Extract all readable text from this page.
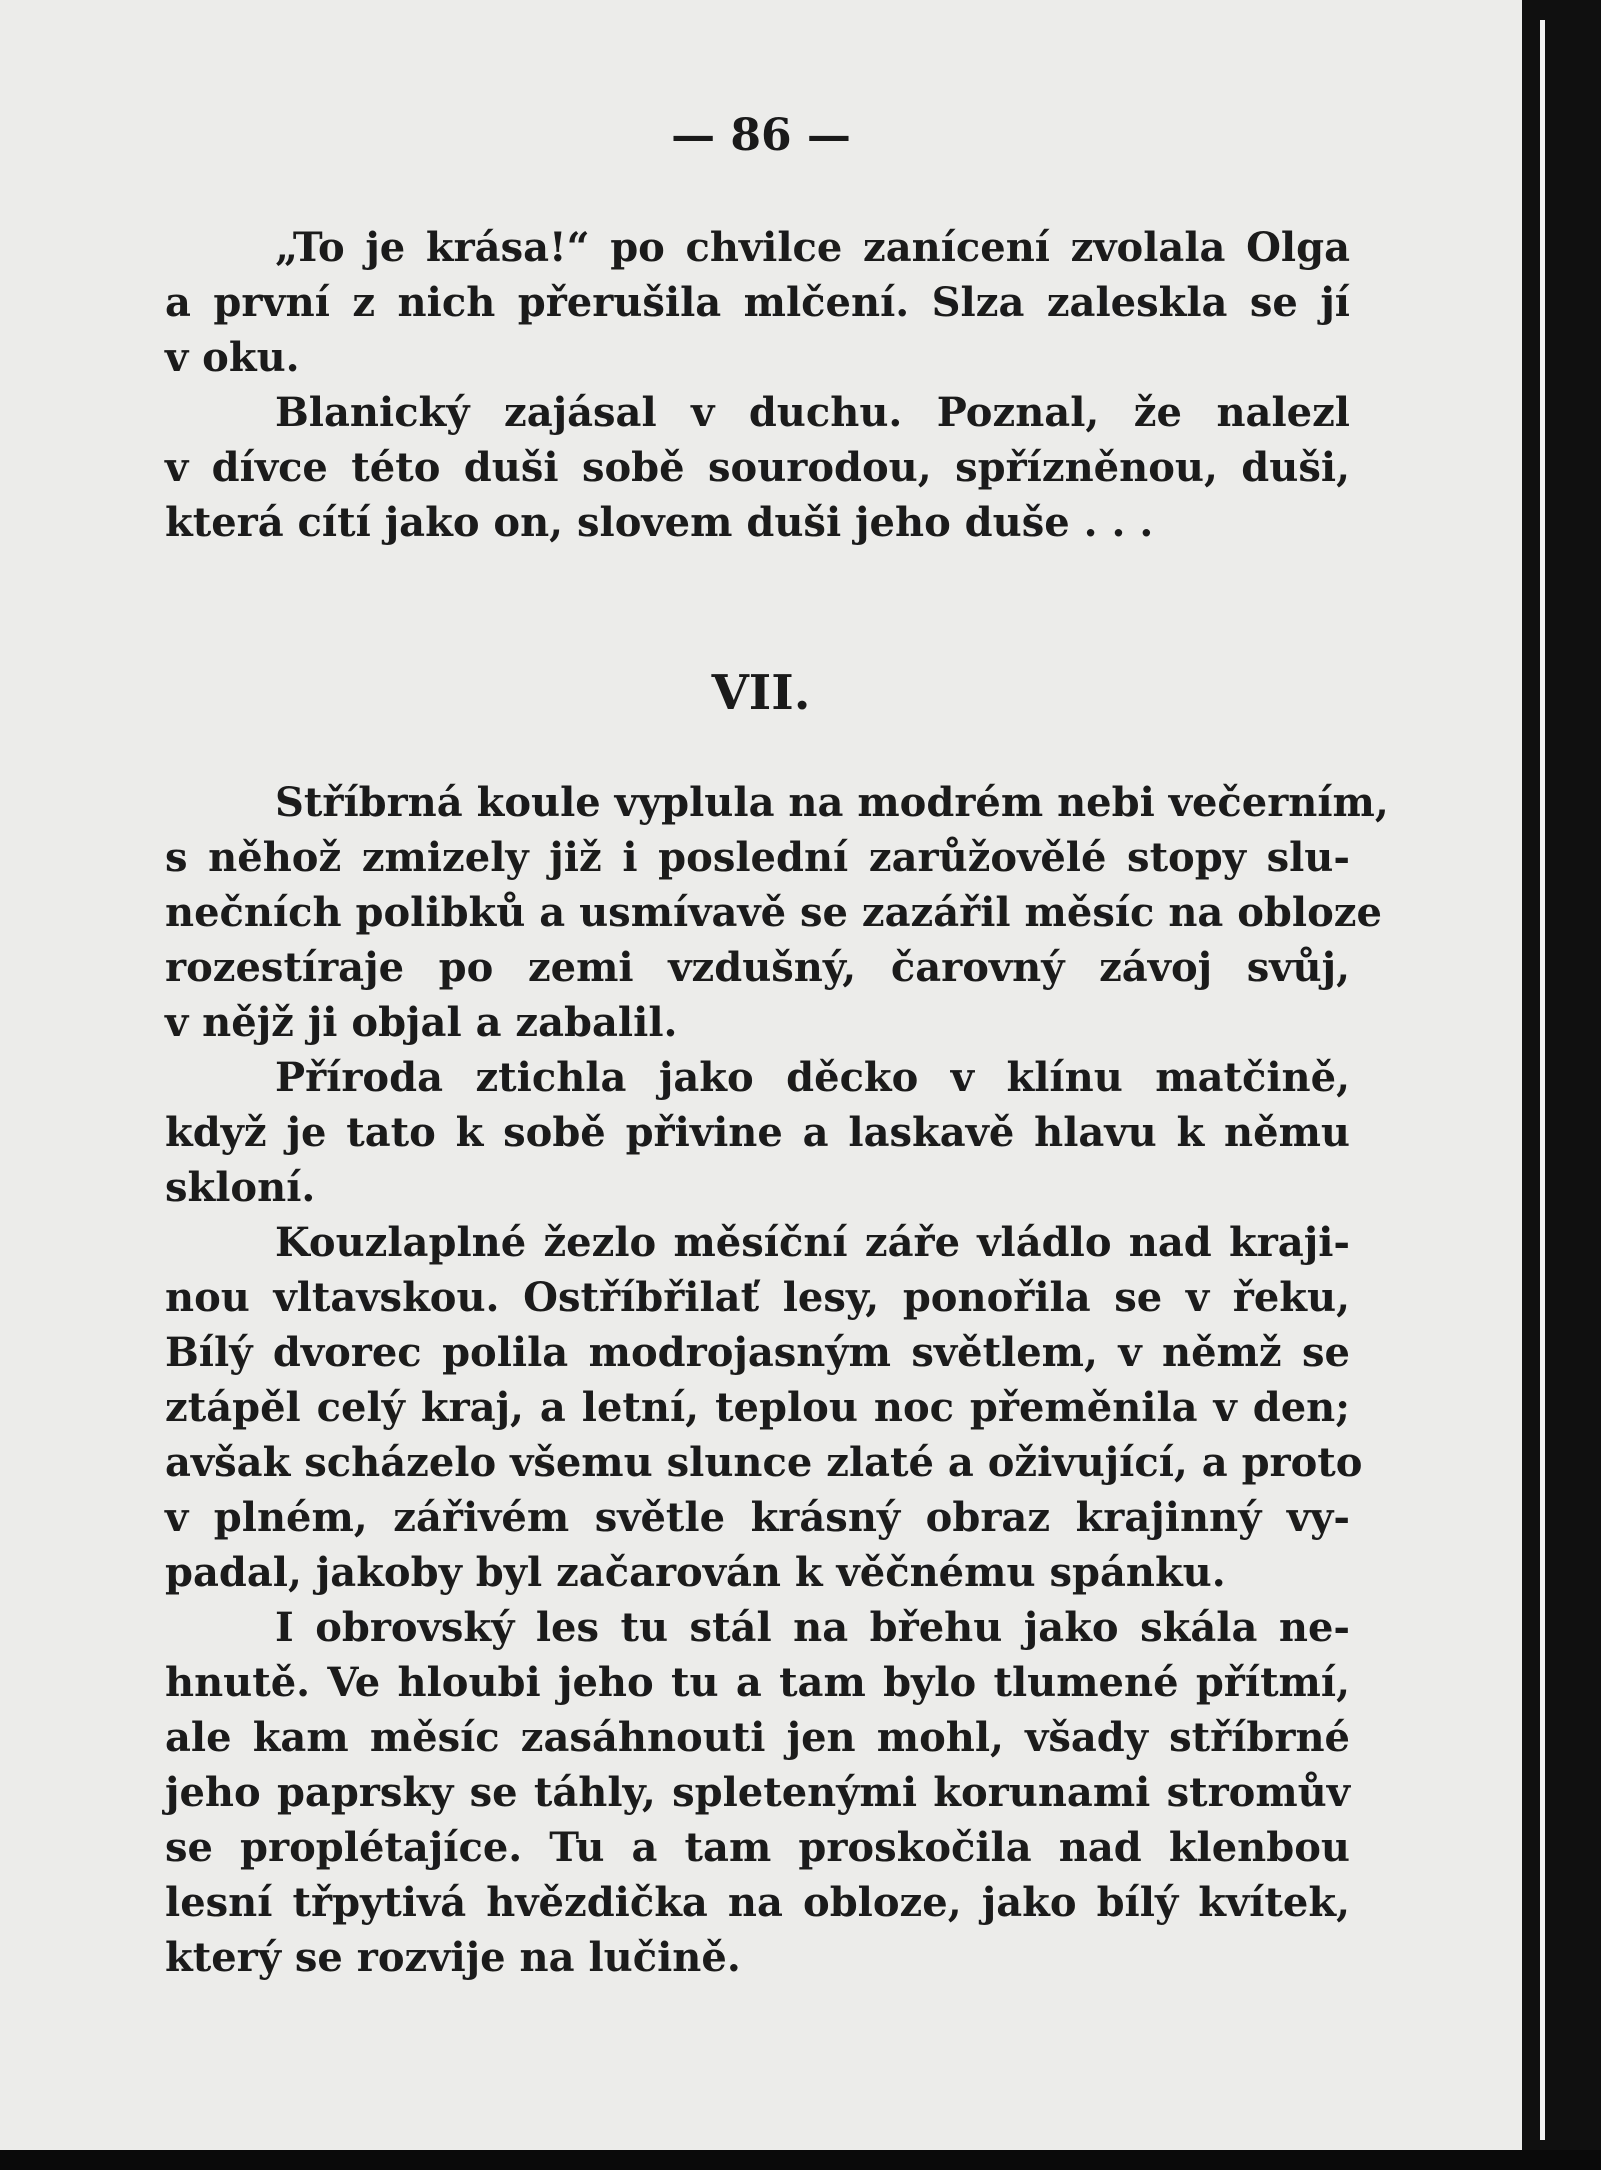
— 86 —
„To je krása!“ po chvilce zanícení zvolala Olga
a první z nich přerušila mlčení. Slza zaleskla se jí
v oku.
Blanický zajásal v duchu. Poznal, že nalezl
v dívce této duši sobě sourodou, spřízněnou, duši,
která cítí jako on, slovem duši jeho duše . . .
VII.
Stříbrná koule vyplula na modrém nebi večerním,
s něhož zmizely již i poslední zarůžovělé stopy slu-
nečních polibků a usmívavě se zazářil měsíc na obloze
rozestíraje po zemi vzdušný, čarovný závoj svůj,
v nějž ji objal a zabalil.
Příroda ztichla jako děcko v klínu matčině,
když je tato k sobě přivine a laskavě hlavu k němu
skloní.
Kouzlaplné žezlo měsíční záře vládlo nad kraji-
nou vltavskou. Ostříbřilať lesy, ponořila se v řeku,
Bílý dvorec polila modrojasným světlem, v němž se
ztápěl celý kraj, a letní, teplou noc přeměnila v den;
avšak scházelo všemu slunce zlaté a oživující, a proto
v plném, zářivém světle krásný obraz krajinný vy-
padal, jakoby byl začarován k věčnému spánku.
I obrovský les tu stál na břehu jako skála ne-
hnutě. Ve hloubi jeho tu a tam bylo tlumené přítmí,
ale kam měsíc zasáhnouti jen mohl, všady stříbrné
jeho paprsky se táhly, spletenými korunami stromův
se proplétajíce. Tu a tam proskočila nad klenbou
lesní třpytivá hvězdička na obloze, jako bílý kvítek,
který se rozvije na lučině.
